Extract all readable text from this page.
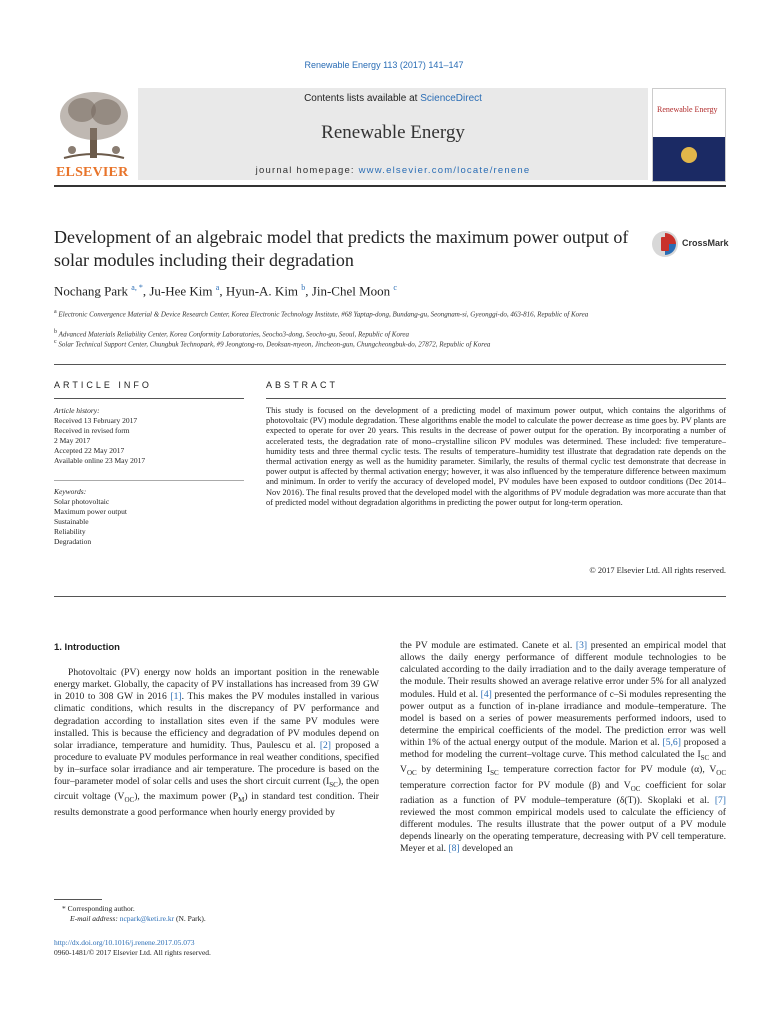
Renewable Energy 113 (2017) 141–147
ELSEVIER
Contents lists available at ScienceDirect
Renewable Energy
journal homepage: www.elsevier.com/locate/renene
Renewable Energy
Development of an algebraic model that predicts the maximum power output of solar modules including their degradation
CrossMark
Nochang Park $^{a, *}$, Ju-Hee Kim $^a$, Hyun-A. Kim $^b$, Jin-Chel Moon $^c$
$^a$ Electronic Convergence Material & Device Research Center, Korea Electronic Technology Institute, #68 Yaptap-dong, Bundang-gu, Seongnam-si, Gyeonggi-do, 463-816, Republic of Korea
$^b$ Advanced Materials Reliability Center, Korea Conformity Laboratories, Seocho3-dong, Seocho-gu, Seoul, Republic of Korea
$^c$ Solar Technical Support Center, Chungbuk Technopark, #9 Jeongtong-ro, Deoksan-myeon, Jincheon-gun, Chungcheongbuk-do, 27872, Republic of Korea
ARTICLE INFO
Article history:
Received 13 February 2017
Received in revised form
2 May 2017
Accepted 22 May 2017
Available online 23 May 2017
Keywords:
Solar photovoltaic
Maximum power output
Sustainable
Reliability
Degradation
ABSTRACT
This study is focused on the development of a predicting model of maximum power output, which contains the algorithms of photovoltaic (PV) module degradation. These algorithms enable the model to calculate the power decrease as time goes by. PV plants are expected to operate for over 20 years. This results in the decrease of power output for the operation. By incorporating a number of accelerated tests, the degradation rate of mono–crystalline silicon PV modules was determined. These included: five temperature–humidity tests and three thermal cyclic tests. The results of temperature–humidity test illustrate that degradation rate depends on the thermal activation energy as well as the humidity parameter. Similarly, the results of thermal cyclic test demonstrate that decrease in power output is affected by thermal activation energy; however, it was also influenced by the temperature difference between maximum and minimum. In order to verify the accuracy of developed model, PV modules have been exposed to outdoor conditions (Dec 2014–Nov 2016). The final results proved that the developed model with the algorithms of PV module degradation was more accurate than that of predicted model without degradation algorithms in predicting the power output for long-term operation.
© 2017 Elsevier Ltd. All rights reserved.
1. Introduction
Photovoltaic (PV) energy now holds an important position in the renewable energy market. Globally, the capacity of PV installations has increased from 39 GW in 2010 to 308 GW in 2016 [1]. This makes the PV modules installed in various climatic conditions, which results in the discrepancy of PV performance and degradation according to installation sites even if the same PV modules were installed. This is because the efficiency and degradation of PV modules depend on solar irradiance, temperature and humidity. Thus, Paulescu et al. [2] proposed a procedure to evaluate PV modules performance in real weather conditions, specified by in–surface solar irradiance and air temperature. The procedure is based on the four–parameter model of solar cells and uses the short circuit current $(I_{SC})$, the open circuit voltage $(V_{OC})$, the maximum power $(P_M)$ in standard test condition. Their results demonstrate a good performance when hourly energy provided by
the PV module are estimated. Canete et al. [3] presented an empirical model that allows the daily energy performance of different module technologies to be calculated according to the daily irradiation and to the daily average temperature of the module. Their results showed an average relative error under 5% for all analyzed modules. Huld et al. [4] presented the performance of c–Si modules representing the power output as a function of in-plane irradiance and module–temperature. The model is based on a series of power measurements performed indoors, used to determine the empirical coefficients of the model. The prediction error was well within 1% of the actual energy output of the module. Marion et al. [5,6] proposed a method for modeling the current–voltage curve. This method calculated the $I_{SC}$ and $V_{OC}$ by determining $I_{SC}$ temperature correction factor for PV module (α), $V_{OC}$ temperature correction factor for PV module (β) and $V_{OC}$ coefficient for solar radiation as a function of PV module–temperature (δ(T)). Skoplaki et al. [7] reviewed the most common empirical models used to calculate the efficiency of different modules. The results illustrate that the power output of a PV module depends linearly on the operating temperature, decreasing with PV cell temperature. Meyer et al. [8] developed an
* Corresponding author.
E-mail address: ncpark@keti.re.kr (N. Park).
http://dx.doi.org/10.1016/j.renene.2017.05.073
0960-1481/© 2017 Elsevier Ltd. All rights reserved.
